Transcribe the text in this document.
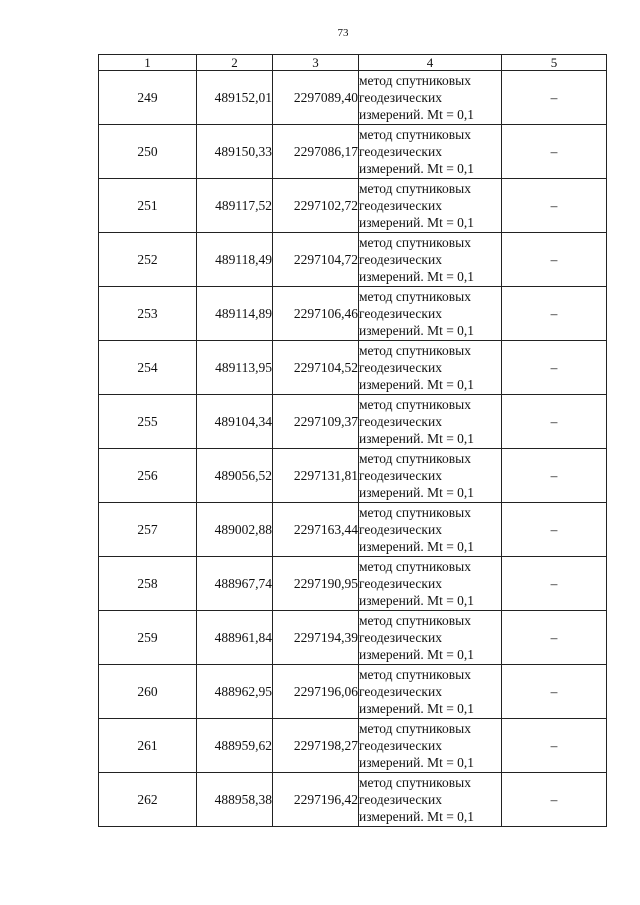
73
1	2	3	4	5
249	489152,01	2297089,40	метод спутниковых
геодезических
измерений. Mt = 0,1	–
250	489150,33	2297086,17	метод спутниковых
геодезических
измерений. Mt = 0,1	–
251	489117,52	2297102,72	метод спутниковых
геодезических
измерений. Mt = 0,1	–
252	489118,49	2297104,72	метод спутниковых
геодезических
измерений. Mt = 0,1	–
253	489114,89	2297106,46	метод спутниковых
геодезических
измерений. Mt = 0,1	–
254	489113,95	2297104,52	метод спутниковых
геодезических
измерений. Mt = 0,1	–
255	489104,34	2297109,37	метод спутниковых
геодезических
измерений. Mt = 0,1	–
256	489056,52	2297131,81	метод спутниковых
геодезических
измерений. Mt = 0,1	–
257	489002,88	2297163,44	метод спутниковых
геодезических
измерений. Mt = 0,1	–
258	488967,74	2297190,95	метод спутниковых
геодезических
измерений. Mt = 0,1	–
259	488961,84	2297194,39	метод спутниковых
геодезических
измерений. Mt = 0,1	–
260	488962,95	2297196,06	метод спутниковых
геодезических
измерений. Mt = 0,1	–
261	488959,62	2297198,27	метод спутниковых
геодезических
измерений. Mt = 0,1	–
262	488958,38	2297196,42	метод спутниковых
геодезических
измерений. Mt = 0,1	–
